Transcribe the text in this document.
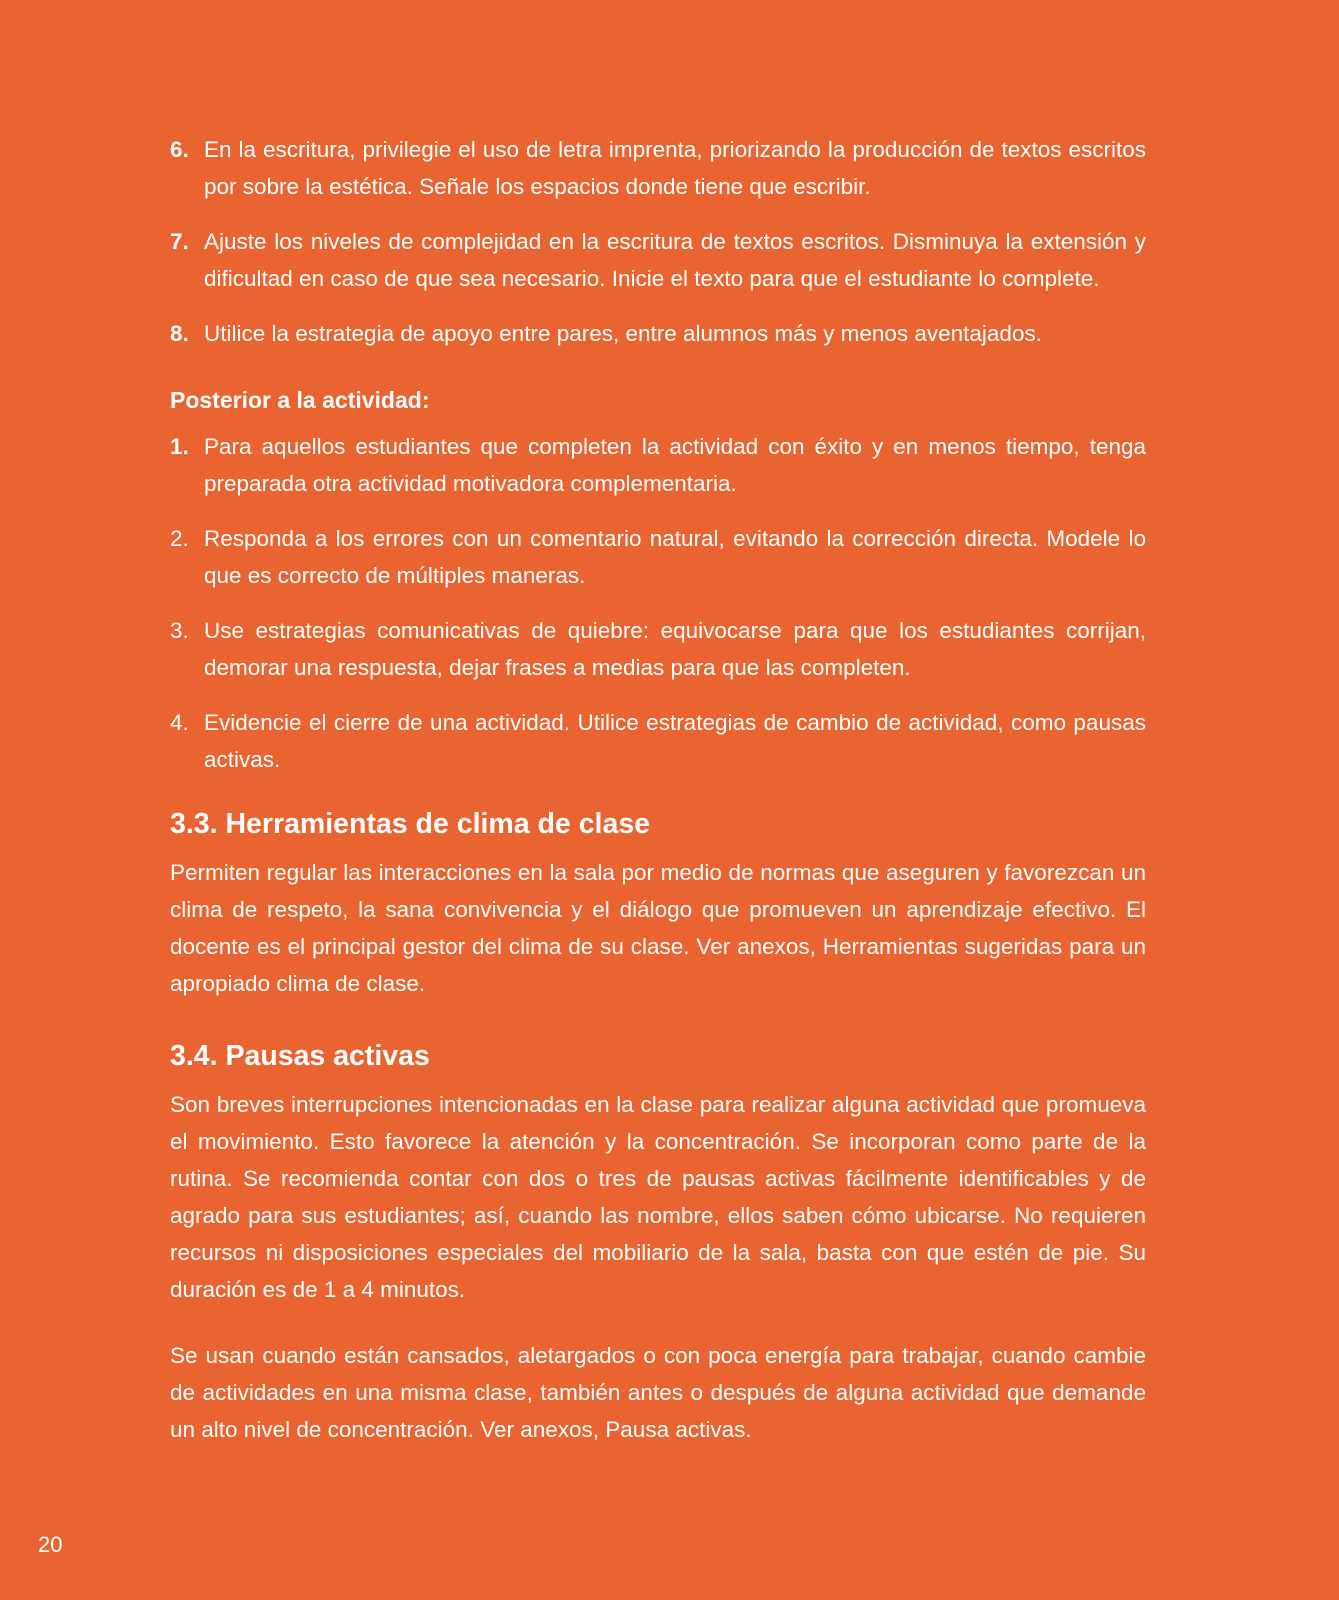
6. En la escritura, privilegie el uso de letra imprenta, priorizando la producción de textos escritos por sobre la estética. Señale los espacios donde tiene que escribir.
7. Ajuste los niveles de complejidad en la escritura de textos escritos. Disminuya la extensión y dificultad en caso de que sea necesario. Inicie el texto para que el estudiante lo complete.
8. Utilice la estrategia de apoyo entre pares, entre alumnos más y menos aventajados.
Posterior a la actividad:
1. Para aquellos estudiantes que completen la actividad con éxito y en menos tiempo, tenga preparada otra actividad motivadora complementaria.
2. Responda a los errores con un comentario natural, evitando la corrección directa. Modele lo que es correcto de múltiples maneras.
3. Use estrategias comunicativas de quiebre: equivocarse para que los estudiantes corrijan, demorar una respuesta, dejar frases a medias para que las completen.
4. Evidencie el cierre de una actividad. Utilice estrategias de cambio de actividad, como pausas activas.
3.3. Herramientas de clima de clase

Permiten regular las interacciones en la sala por medio de normas que aseguren y favorezcan un clima de respeto, la sana convivencia y el diálogo que promueven un aprendizaje efectivo. El docente es el principal gestor del clima de su clase. Ver anexos, Herramientas sugeridas para un apropiado clima de clase.

3.4. Pausas activas

Son breves interrupciones intencionadas en la clase para realizar alguna actividad que promueva el movimiento. Esto favorece la atención y la concentración. Se incorporan como parte de la rutina. Se recomienda contar con dos o tres de pausas activas fácilmente identificables y de agrado para sus estudiantes; así, cuando las nombre, ellos saben cómo ubicarse. No requieren recursos ni disposiciones especiales del mobiliario de la sala, basta con que estén de pie. Su duración es de 1 a 4 minutos.

Se usan cuando están cansados, aletargados o con poca energía para trabajar, cuando cambie de actividades en una misma clase, también antes o después de alguna actividad que demande un alto nivel de concentración. Ver anexos, Pausa activas.

20
